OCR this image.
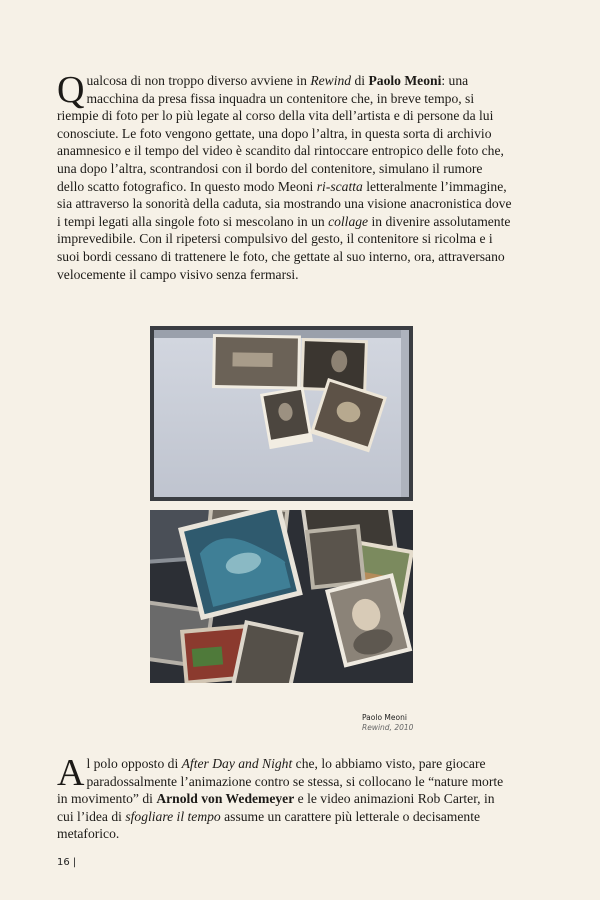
Qualcosa di non troppo diverso avviene in Rewind di Paolo Meoni: una macchina da presa fissa inquadra un contenitore che, in breve tempo, si riempie di foto per lo più legate al corso della vita dell’artista e di persone da lui conosciute. Le foto vengono gettate, una dopo l’altra, in questa sorta di archivio anamnesico e il tempo del video è scandito dal rintoccare entropico delle foto che, una dopo l’altra, scontrandosi con il bordo del contenitore, simulano il rumore dello scatto fotografico. In questo modo Meoni ri-scatta letteralmente l’immagine, sia attraverso la sonorità della caduta, sia mostrando una visione anacronistica dove i tempi legati alla singole foto si mescolano in un collage in divenire assolutamente imprevedibile. Con il ripetersi compulsivo del gesto, il contenitore si ricolma e i suoi bordi cessano di trattenere le foto, che gettate al suo interno, ora, attraversano velocemente il campo visivo senza fermarsi.

Paolo Meoni
Rewind, 2010

Al polo opposto di After Day and Night che, lo abbiamo visto, pare giocare paradossalmente l’animazione contro se stessa, si collocano le “nature morte in movimento” di Arnold von Wedemeyer e le video animazioni Rob Carter, in cui l’idea di sfogliare il tempo assume un carattere più letterale o decisamente metaforico.

16 |
